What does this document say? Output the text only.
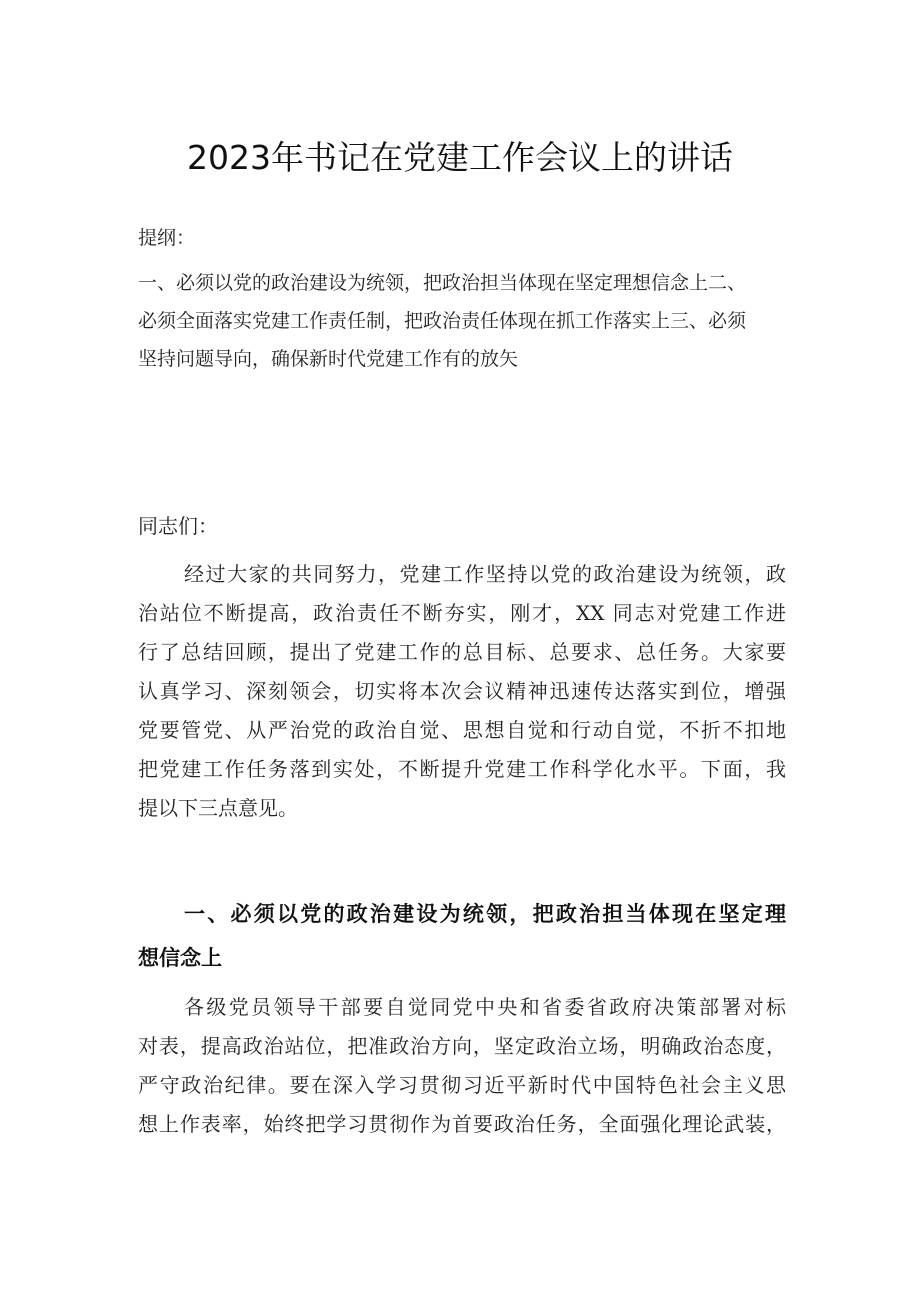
2023年书记在党建工作会议上的讲话
提纲：
一、必须以党的政治建设为统领，把政治担当体现在坚定理想信念上二、
必须全面落实党建工作责任制，把政治责任体现在抓工作落实上三、必须
坚持问题导向，确保新时代党建工作有的放矢
同志们：
经过大家的共同努力，党建工作坚持以党的政治建设为统领，政
治站位不断提高，政治责任不断夯实，刚才，XX 同志对党建工作进
行了总结回顾，提出了党建工作的总目标、总要求、总任务。大家要
认真学习、深刻领会，切实将本次会议精神迅速传达落实到位，增强
党要管党、从严治党的政治自觉、思想自觉和行动自觉，不折不扣地
把党建工作任务落到实处，不断提升党建工作科学化水平。下面，我
提以下三点意见。
一、必须以党的政治建设为统领，把政治担当体现在坚定理
想信念上
各级党员领导干部要自觉同党中央和省委省政府决策部署对标
对表，提高政治站位，把准政治方向，坚定政治立场，明确政治态度，
严守政治纪律。要在深入学习贯彻习近平新时代中国特色社会主义思
想上作表率，始终把学习贯彻作为首要政治任务，全面强化理论武装，
